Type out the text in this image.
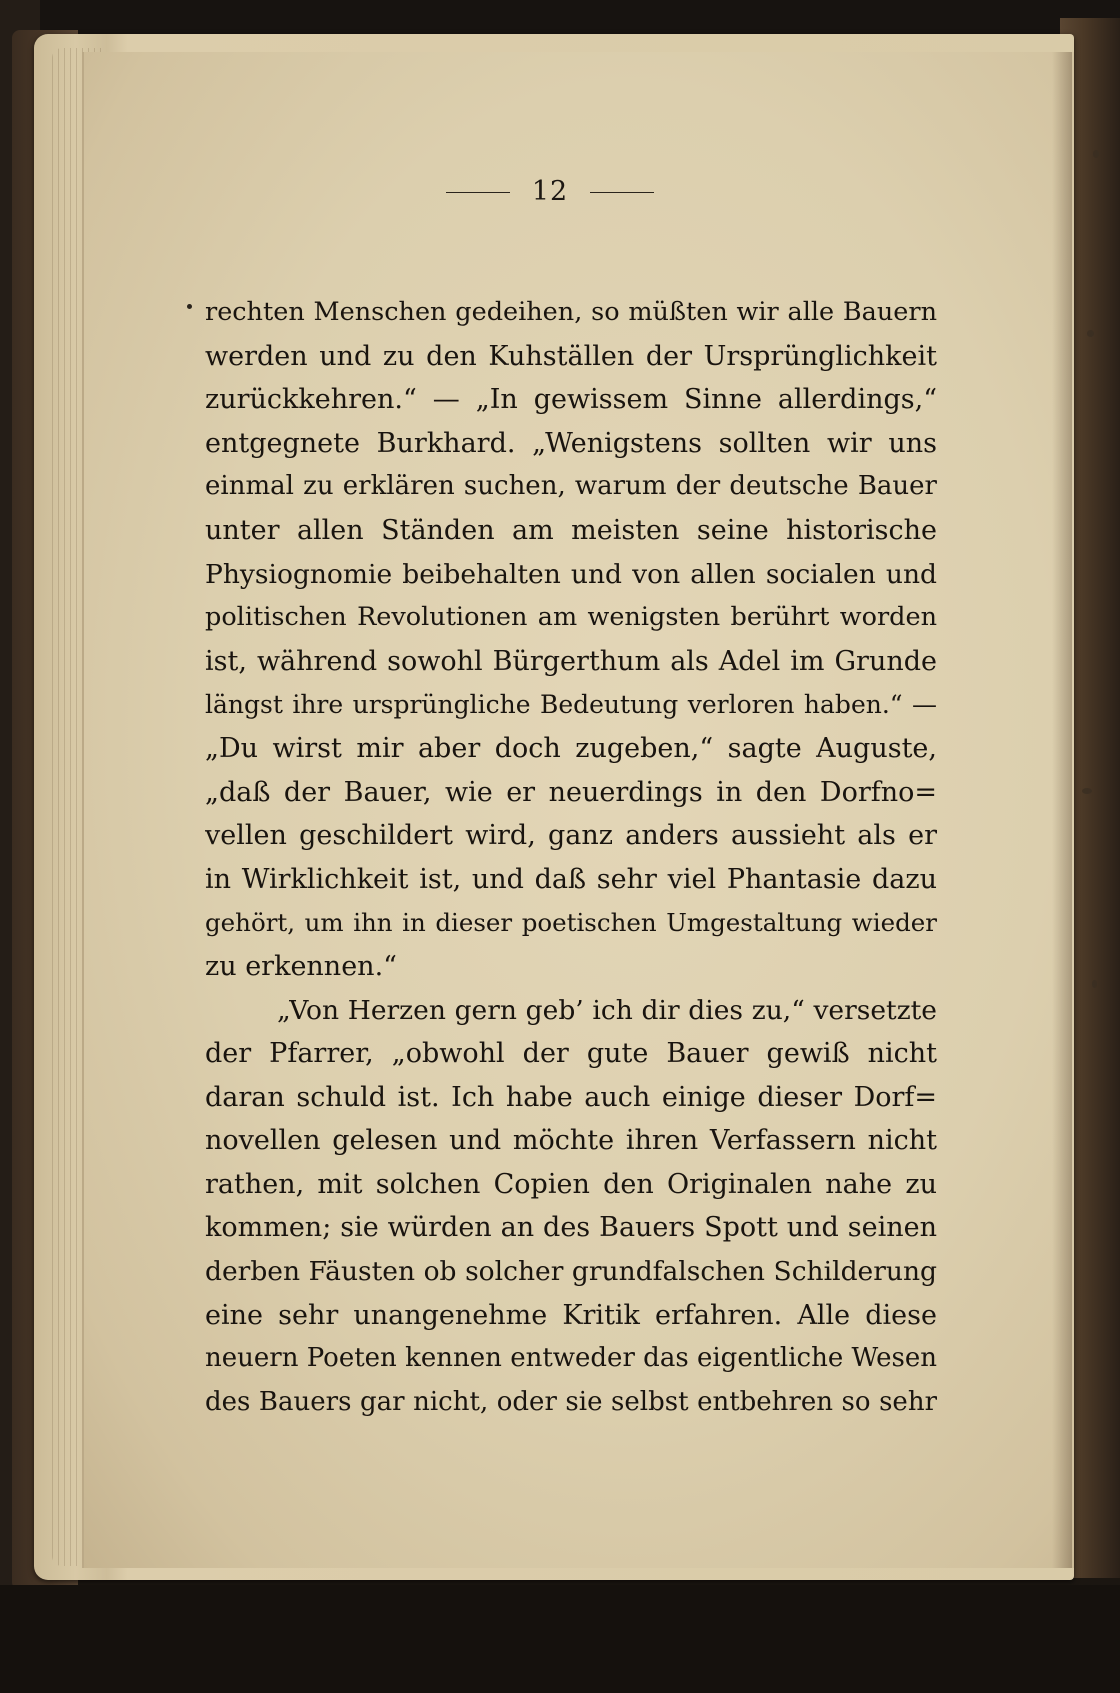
12
rechten Menschen gedeihen, so müßten wir alle Bauern
werden und zu den Kuhställen der Ursprünglichkeit
zurückkehren.“ — „In gewissem Sinne allerdings,“
entgegnete Burkhard. „Wenigstens sollten wir uns
einmal zu erklären suchen, warum der deutsche Bauer
unter allen Ständen am meisten seine historische
Physiognomie beibehalten und von allen socialen und
politischen Revolutionen am wenigsten berührt worden
ist, während sowohl Bürgerthum als Adel im Grunde
längst ihre ursprüngliche Bedeutung verloren haben.“ —
„Du wirst mir aber doch zugeben,“ sagte Auguste,
„daß der Bauer, wie er neuerdings in den Dorfno=
vellen geschildert wird, ganz anders aussieht als er
in Wirklichkeit ist, und daß sehr viel Phantasie dazu
gehört, um ihn in dieser poetischen Umgestaltung wieder
zu erkennen.“
„Von Herzen gern geb’ ich dir dies zu,“ versetzte
der Pfarrer, „obwohl der gute Bauer gewiß nicht
daran schuld ist. Ich habe auch einige dieser Dorf=
novellen gelesen und möchte ihren Verfassern nicht
rathen, mit solchen Copien den Originalen nahe zu
kommen; sie würden an des Bauers Spott und seinen
derben Fäusten ob solcher grundfalschen Schilderung
eine sehr unangenehme Kritik erfahren. Alle diese
neuern Poeten kennen entweder das eigentliche Wesen
des Bauers gar nicht, oder sie selbst entbehren so sehr
